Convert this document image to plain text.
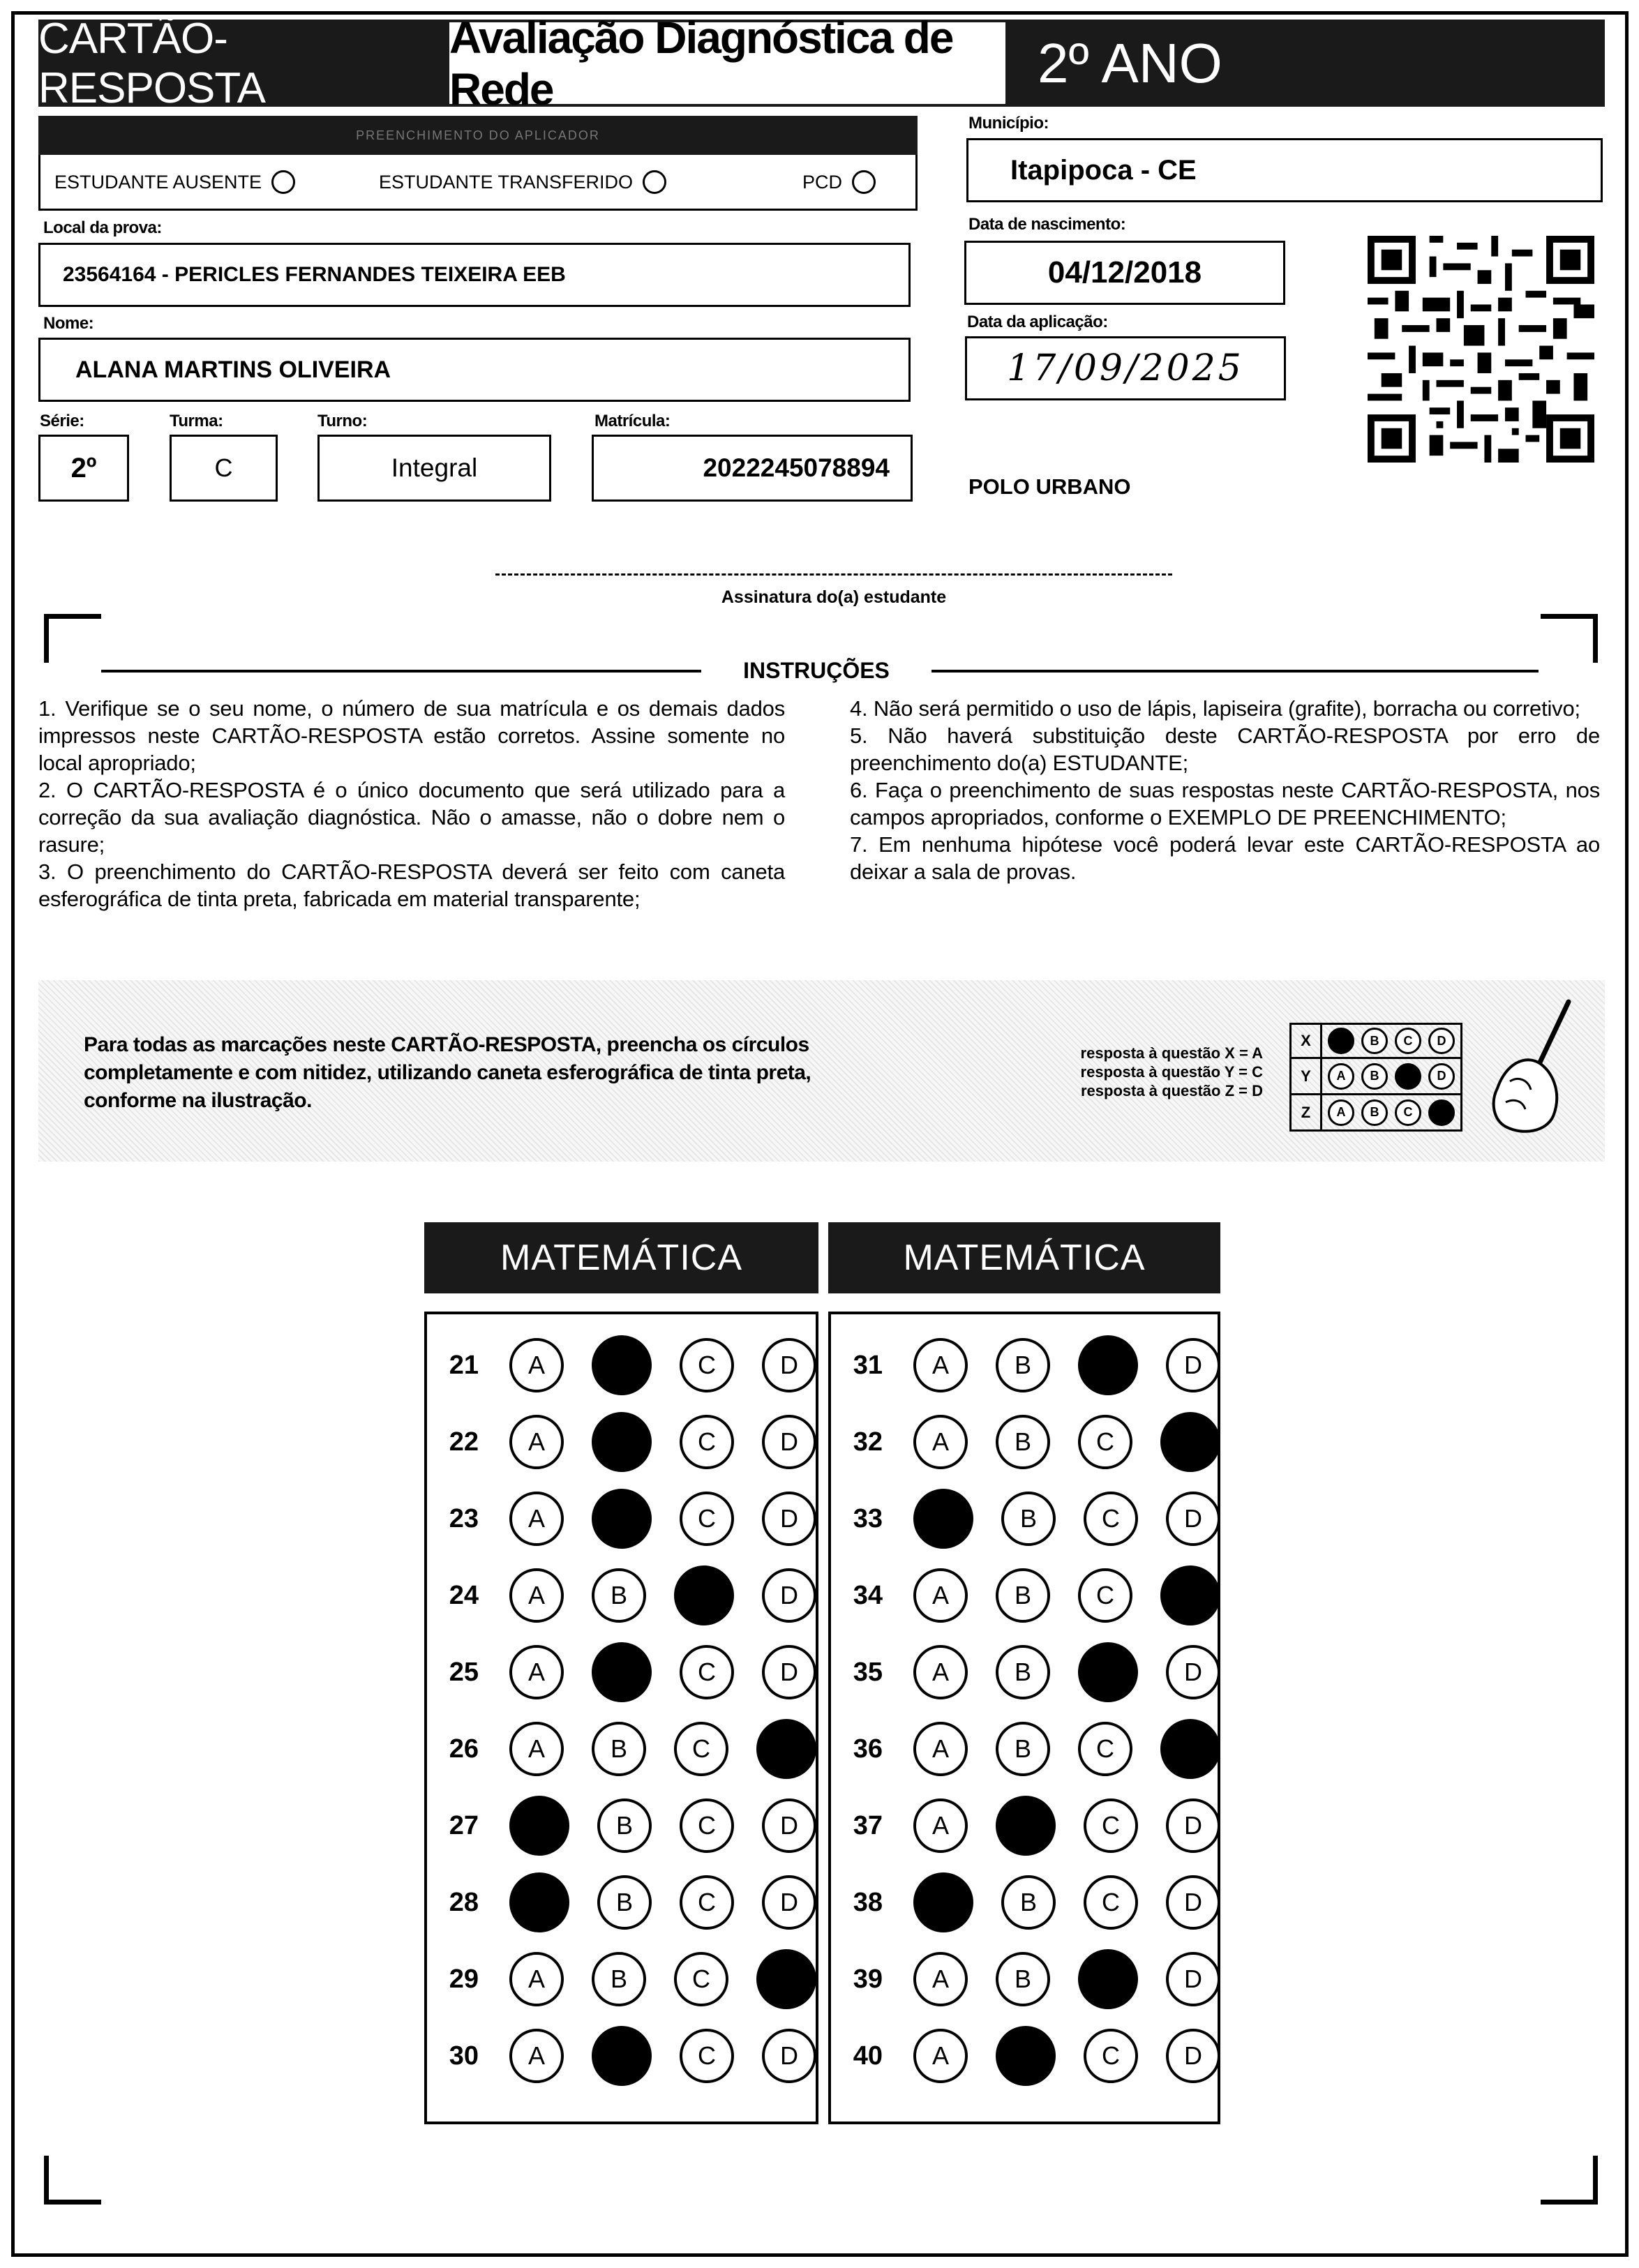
CARTÃO-RESPOSTA
Avaliação Diagnóstica de Rede	2º ANO
PREENCHIMENTO DO APLICADOR
ESTUDANTE AUSENTE	ESTUDANTE TRANSFERIDO	PCD
Local da prova:
23564164 - PERICLES FERNANDES TEIXEIRA EEB
Nome:
ALANA MARTINS OLIVEIRA
Série:
2º
Turma:
C
Turno:
Integral
Matrícula:
2022245078894
Município:
Itapipoca - CE
Data de nascimento:
04/12/2018
Data da aplicação:
17/09/2025
POLO URBANO
Assinatura do(a) estudante
INSTRUÇÕES
1. Verifique se o seu nome, o número de sua matrícula e os demais dados impressos neste CARTÃO-RESPOSTA estão corretos. Assine somente no local apropriado;
2. O CARTÃO-RESPOSTA é o único documento que será utilizado para a correção da sua avaliação diagnóstica. Não o amasse, não o dobre nem o rasure;
3. O preenchimento do CARTÃO-RESPOSTA deverá ser feito com caneta esferográfica de tinta preta, fabricada em material transparente;
4. Não será permitido o uso de lápis, lapiseira (grafite), borracha ou corretivo;
5. Não haverá substituição deste CARTÃO-RESPOSTA por erro de preenchimento do(a) ESTUDANTE;
6. Faça o preenchimento de suas respostas neste CARTÃO-RESPOSTA, nos campos apropriados, conforme o EXEMPLO DE PREENCHIMENTO;
7. Em nenhuma hipótese você poderá levar este CARTÃO-RESPOSTA ao deixar a sala de provas.
Para todas as marcações neste CARTÃO-RESPOSTA, preencha os círculos completamente e com nitidez, utilizando caneta esferográfica de tinta preta, conforme na ilustração.
resposta à questão X = A
resposta à questão Y = C
resposta à questão Z = D
X	A	B	C	D
Y	A	B	C	D
Z	A	B	C	D
MATEMÁTICA	MATEMÁTICA
21	A	B	C	D
22	A	B	C	D
23	A	B	C	D
24	A	B	C	D
25	A	B	C	D
26	A	B	C	D
27	A	B	C	D
28	A	B	C	D
29	A	B	C	D
30	A	B	C	D
31	A	B	C	D
32	A	B	C	D
33	A	B	C	D
34	A	B	C	D
35	A	B	C	D
36	A	B	C	D
37	A	B	C	D
38	A	B	C	D
39	A	B	C	D
40	A	B	C	D
